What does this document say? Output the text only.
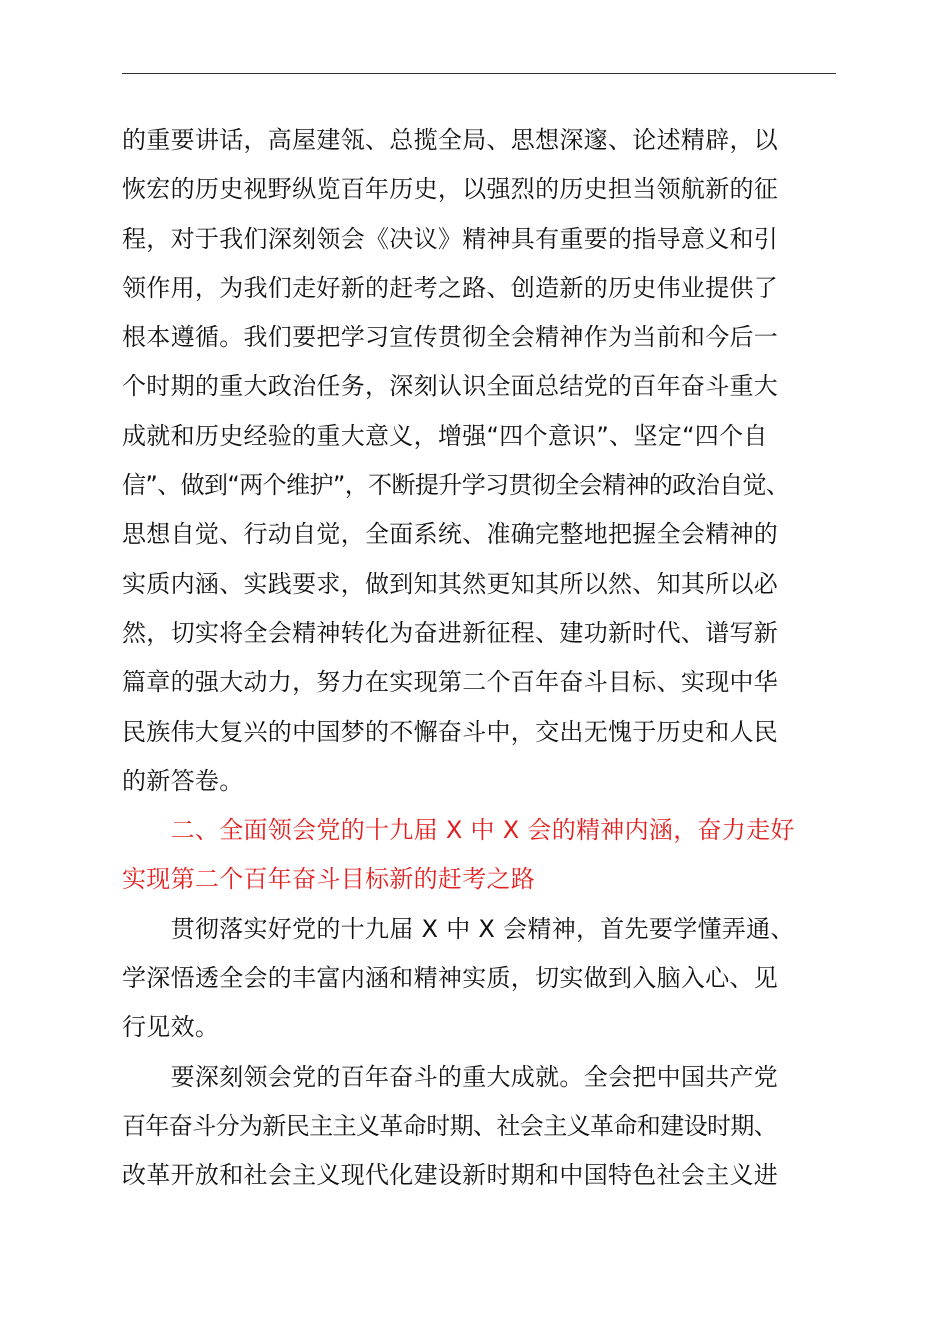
的重要讲话，高屋建瓴、总揽全局、思想深邃、论述精辟，以
恢宏的历史视野纵览百年历史，以强烈的历史担当领航新的征
程，对于我们深刻领会《决议》精神具有重要的指导意义和引
领作用，为我们走好新的赶考之路、创造新的历史伟业提供了
根本遵循。我们要把学习宣传贯彻全会精神作为当前和今后一
个时期的重大政治任务，深刻认识全面总结党的百年奋斗重大
成就和历史经验的重大意义，增强“四个意识”、坚定“四个自
信”、做到“两个维护”，不断提升学习贯彻全会精神的政治自觉、
思想自觉、行动自觉，全面系统、准确完整地把握全会精神的
实质内涵、实践要求，做到知其然更知其所以然、知其所以必
然，切实将全会精神转化为奋进新征程、建功新时代、谱写新
篇章的强大动力，努力在实现第二个百年奋斗目标、实现中华
民族伟大复兴的中国梦的不懈奋斗中，交出无愧于历史和人民
的新答卷。
　　二、全面领会党的十九届 X 中 X 会的精神内涵，奋力走好
实现第二个百年奋斗目标新的赶考之路
　　贯彻落实好党的十九届 X 中 X 会精神，首先要学懂弄通、
学深悟透全会的丰富内涵和精神实质，切实做到入脑入心、见
行见效。
　　要深刻领会党的百年奋斗的重大成就。全会把中国共产党
百年奋斗分为新民主主义革命时期、社会主义革命和建设时期、
改革开放和社会主义现代化建设新时期和中国特色社会主义进
